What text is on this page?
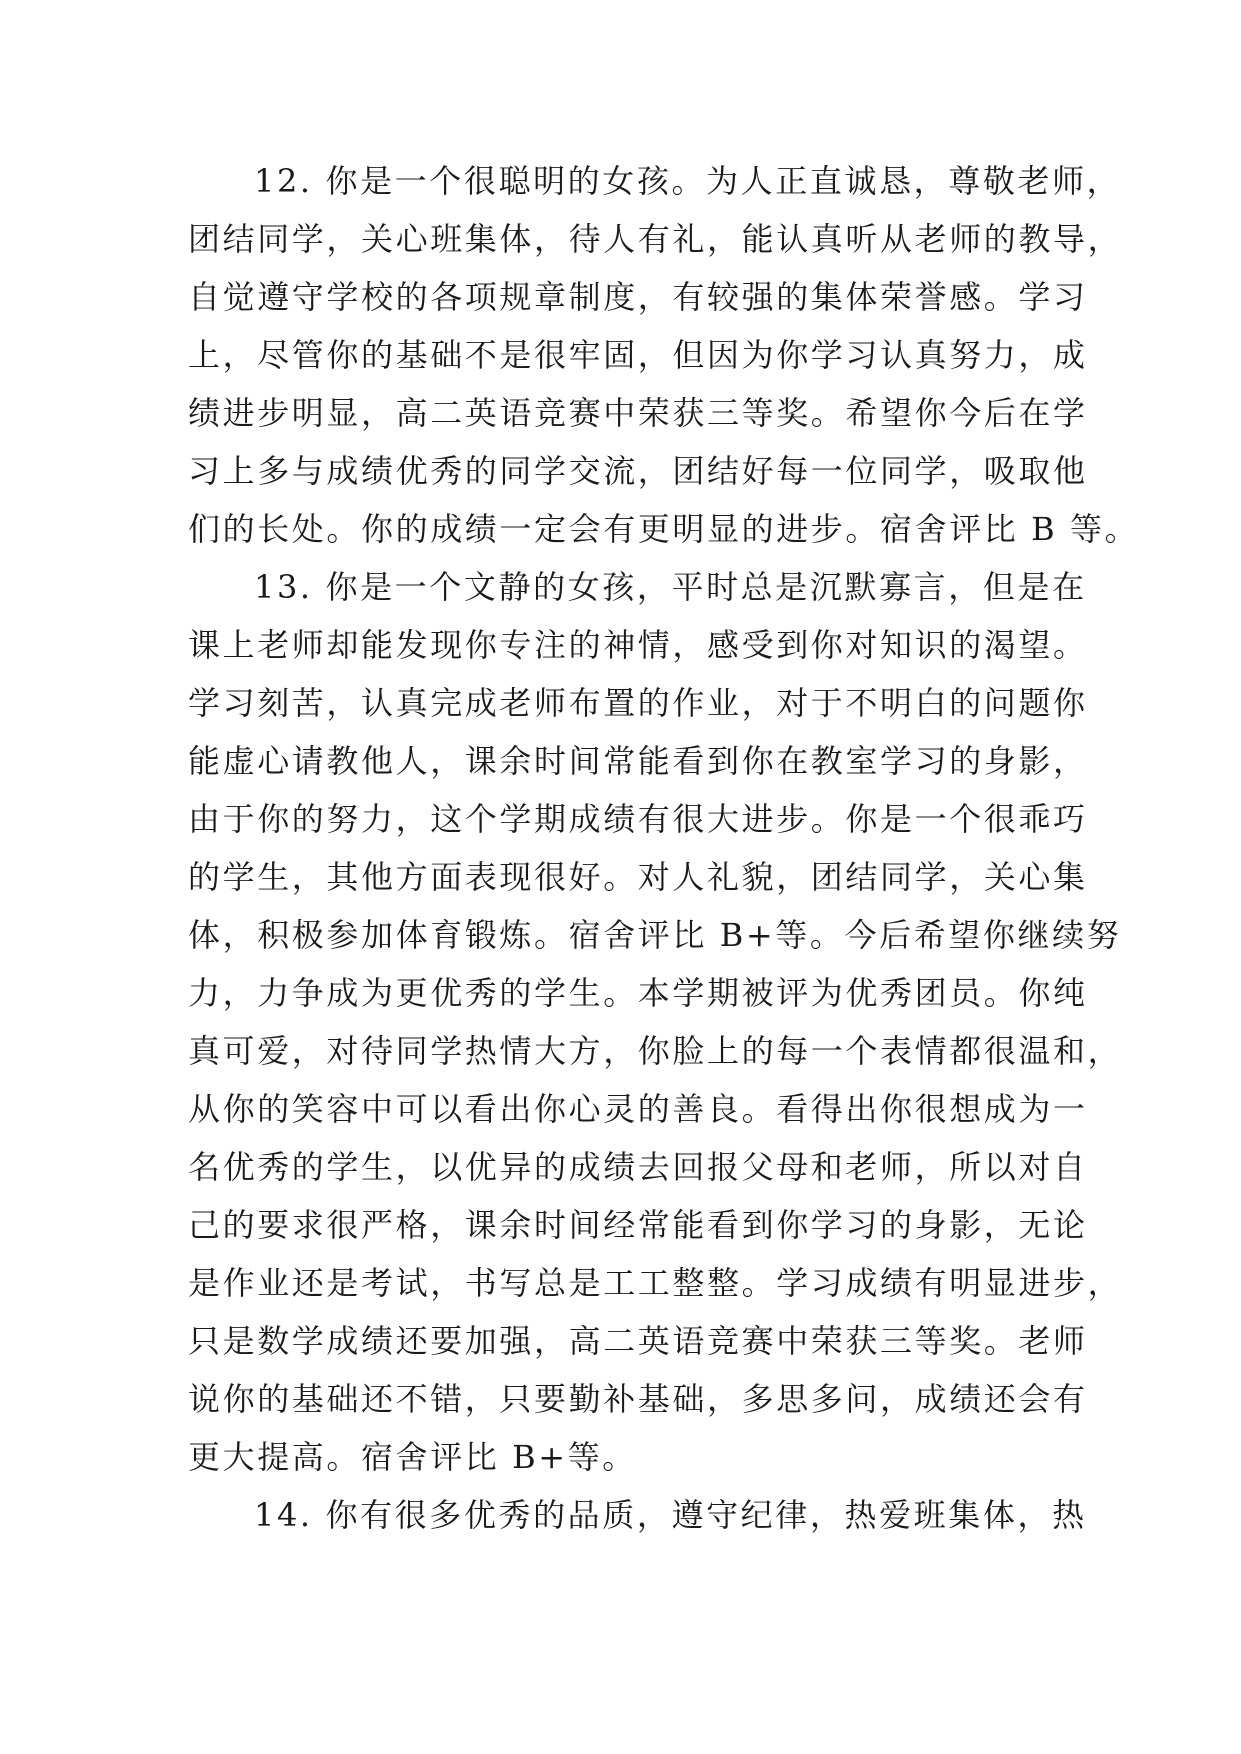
12. 你是一个很聪明的女孩。为人正直诚恳，尊敬老师，
团结同学，关心班集体，待人有礼，能认真听从老师的教导，
自觉遵守学校的各项规章制度，有较强的集体荣誉感。学习
上，尽管你的基础不是很牢固，但因为你学习认真努力，成
绩进步明显，高二英语竞赛中荣获三等奖。希望你今后在学
习上多与成绩优秀的同学交流，团结好每一位同学，吸取他
们的长处。你的成绩一定会有更明显的进步。宿舍评比 B 等。
13. 你是一个文静的女孩，平时总是沉默寡言，但是在
课上老师却能发现你专注的神情，感受到你对知识的渴望。
学习刻苦，认真完成老师布置的作业，对于不明白的问题你
能虚心请教他人，课余时间常能看到你在教室学习的身影，
由于你的努力，这个学期成绩有很大进步。你是一个很乖巧
的学生，其他方面表现很好。对人礼貌，团结同学，关心集
体，积极参加体育锻炼。宿舍评比 B+等。今后希望你继续努
力，力争成为更优秀的学生。本学期被评为优秀团员。你纯
真可爱，对待同学热情大方，你脸上的每一个表情都很温和，
从你的笑容中可以看出你心灵的善良。看得出你很想成为一
名优秀的学生，以优异的成绩去回报父母和老师，所以对自
己的要求很严格，课余时间经常能看到你学习的身影，无论
是作业还是考试，书写总是工工整整。学习成绩有明显进步，
只是数学成绩还要加强，高二英语竞赛中荣获三等奖。老师
说你的基础还不错，只要勤补基础，多思多问，成绩还会有
更大提高。宿舍评比 B+等。
14. 你有很多优秀的品质，遵守纪律，热爱班集体，热
